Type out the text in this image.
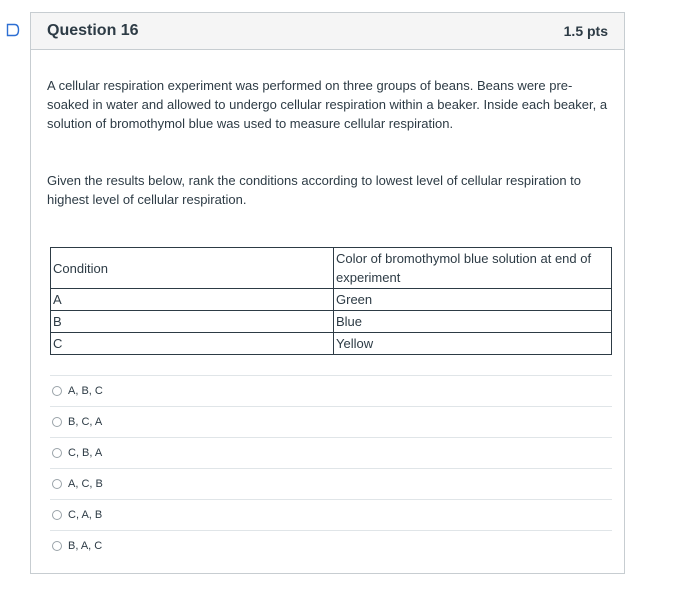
Question 16	1.5 pts

A cellular respiration experiment was performed on three groups of beans. Beans were pre-soaked in water and allowed to undergo cellular respiration within a beaker. Inside each beaker, a solution of bromothymol blue was used to measure cellular respiration.

Given the results below, rank the conditions according to lowest level of cellular respiration to highest level of cellular respiration.

Condition	Color of bromothymol blue solution at end of experiment
A	Green
B	Blue
C	Yellow
A, B, C
B, C, A
C, B, A
A, C, B
C, A, B
B, A, C
